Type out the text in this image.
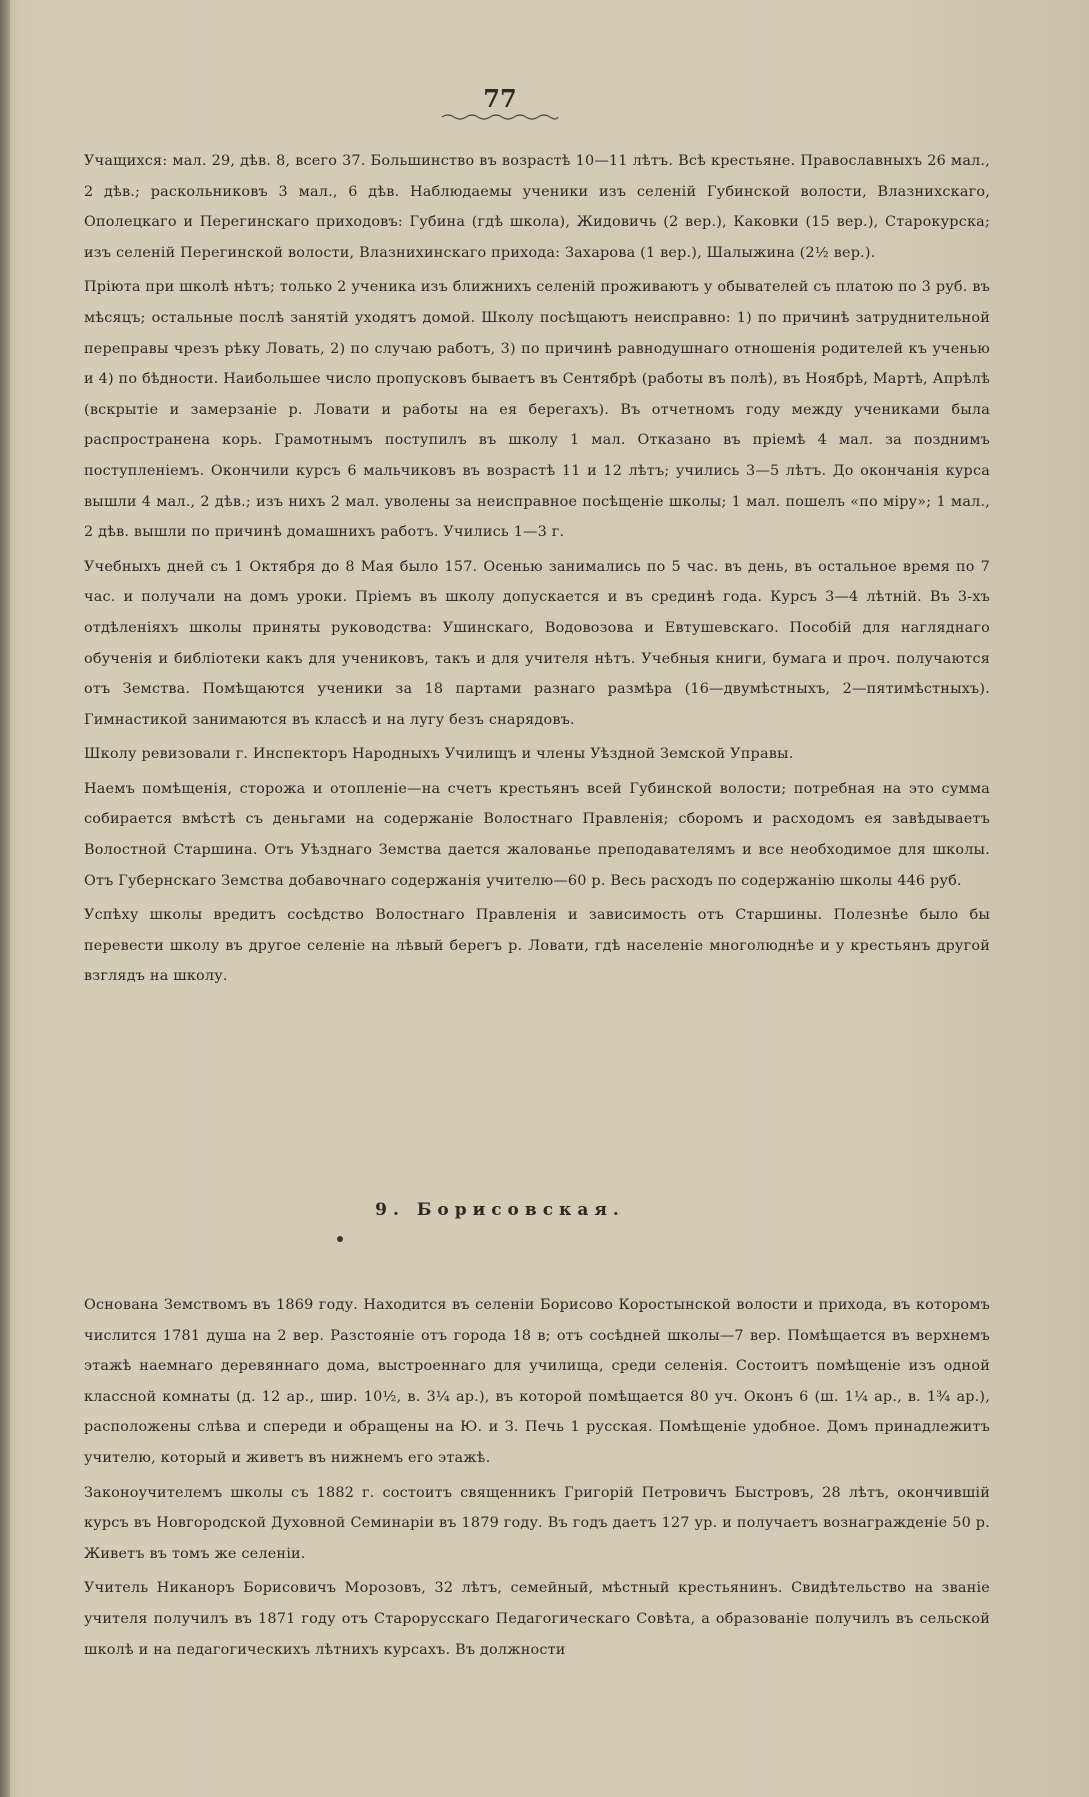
77

Учащихся: мал. 29, дѣв. 8, всего 37. Большинство въ возрастѣ 10—11 лѣтъ. Всѣ крестьяне. Православныхъ 26 мал., 2 дѣв.; раскольниковъ 3 мал., 6 дѣв. Наблюдаемы ученики изъ селеній Губинской волости, Влазнихскаго, Ополецкаго и Перегинскаго приходовъ: Губина (гдѣ школа), Жидовичь (2 вер.), Каковки (15 вер.), Старокурска; изъ селеній Перегинской волости, Влазнихинскаго прихода: Захарова (1 вер.), Шалыжина (2½ вер.).

Пріюта при школѣ нѣтъ; только 2 ученика изъ ближнихъ селеній проживаютъ у обывателей съ платою по 3 руб. въ мѣсяцъ; остальные послѣ занятій уходятъ домой. Школу посѣщаютъ неисправно: 1) по причинѣ затруднительной переправы чрезъ рѣку Ловать, 2) по случаю работъ, 3) по причинѣ равнодушнаго отношенія родителей къ ученью и 4) по бѣдности. Наибольшее число пропусковъ бываетъ въ Сентябрѣ (работы въ полѣ), въ Ноябрѣ, Мартѣ, Апрѣлѣ (вскрытіе и замерзаніе р. Ловати и работы на ея берегахъ). Въ отчетномъ году между учениками была распространена корь. Грамотнымъ поступилъ въ школу 1 мал. Отказано въ пріемѣ 4 мал. за позднимъ поступленіемъ. Окончили курсъ 6 мальчиковъ въ возрастѣ 11 и 12 лѣтъ; учились 3—5 лѣтъ. До окончанія курса вышли 4 мал., 2 дѣв.; изъ нихъ 2 мал. уволены за неисправное посѣщеніе школы; 1 мал. пошелъ «по міру»; 1 мал., 2 дѣв. вышли по причинѣ домашнихъ работъ. Учились 1—3 г.

Учебныхъ дней съ 1 Октября до 8 Мая было 157. Осенью занимались по 5 час. въ день, въ остальное время по 7 час. и получали на домъ уроки. Пріемъ въ школу допускается и въ срединѣ года. Курсъ 3—4 лѣтній. Въ 3-хъ отдѣленіяхъ школы приняты руководства: Ушинскаго, Водовозова и Евтушевскаго. Пособій для нагляднаго обученія и библіотеки какъ для учениковъ, такъ и для учителя нѣтъ. Учебныя книги, бумага и проч. получаются отъ Земства. Помѣщаются ученики за 18 партами разнаго размѣра (16—двумѣстныхъ, 2—пятимѣстныхъ). Гимнастикой занимаются въ классѣ и на лугу безъ снарядовъ.

Школу ревизовали г. Инспекторъ Народныхъ Училищъ и члены Уѣздной Земской Управы.

Наемъ помѣщенія, сторожа и отопленіе—на счетъ крестьянъ всей Губинской волости; потребная на это сумма собирается вмѣстѣ съ деньгами на содержаніе Волостнаго Правленія; сборомъ и расходомъ ея завѣдываетъ Волостной Старшина. Отъ Уѣзднаго Земства дается жалованье преподавателямъ и все необходимое для школы. Отъ Губернскаго Земства добавочнаго содержанія учителю—60 р. Весь расходъ по содержанію школы 446 руб.

Успѣху школы вредитъ сосѣдство Волостнаго Правленія и зависимость отъ Старшины. Полезнѣе было бы перевести школу въ другое селеніе на лѣвый берегъ р. Ловати, гдѣ населеніе многолюднѣе и у крестьянъ другой взглядъ на школу.

9. Борисовская.

Основана Земствомъ въ 1869 году. Находится въ селеніи Борисово Коростынской волости и прихода, въ которомъ числится 1781 душа на 2 вер. Разстояніе отъ города 18 в; отъ сосѣдней школы—7 вер. Помѣщается въ верхнемъ этажѣ наемнаго деревяннаго дома, выстроеннаго для училища, среди селенія. Состоитъ помѣщеніе изъ одной классной комнаты (д. 12 ар., шир. 10½, в. 3¼ ар.), въ которой помѣщается 80 уч. Оконъ 6 (ш. 1¼ ар., в. 1¾ ар.), расположены слѣва и спереди и обращены на Ю. и З. Печь 1 русская. Помѣщеніе удобное. Домъ принадлежитъ учителю, который и живетъ въ нижнемъ его этажѣ.

Законоучителемъ школы съ 1882 г. состоитъ священникъ Григорій Петровичъ Быстровъ, 28 лѣтъ, окончившій курсъ въ Новгородской Духовной Семинаріи въ 1879 году. Въ годъ даетъ 127 ур. и получаетъ вознагражденіе 50 р. Живетъ въ томъ же селеніи.

Учитель Никаноръ Борисовичъ Морозовъ, 32 лѣтъ, семейный, мѣстный крестьянинъ. Свидѣтельство на званіе учителя получилъ въ 1871 году отъ Старорусскаго Педагогическаго Совѣта, а образованіе получилъ въ сельской школѣ и на педагогическихъ лѣтнихъ курсахъ. Въ должности
